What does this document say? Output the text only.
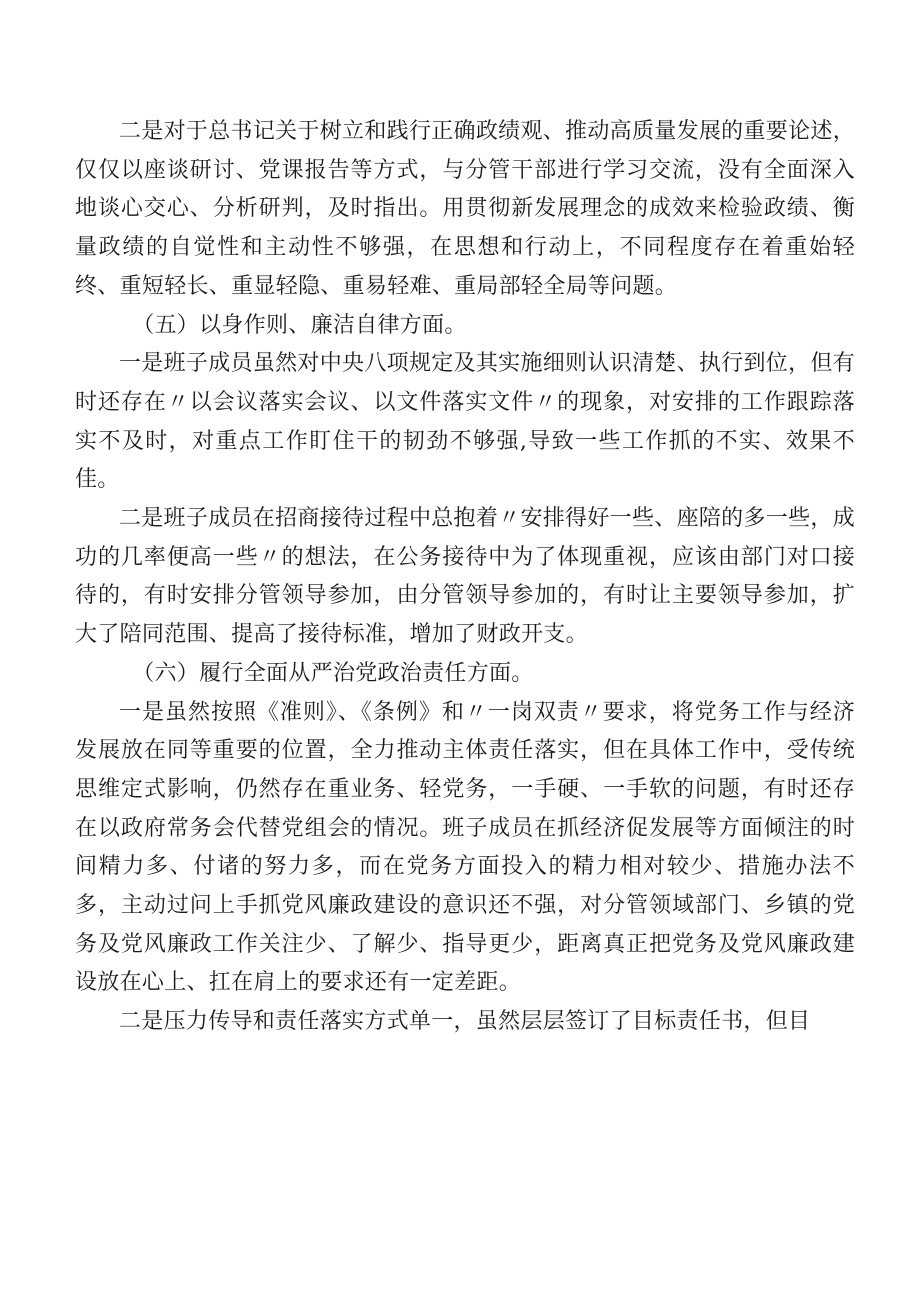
二是对于总书记关于树立和践行正确政绩观、推动高质量发展的重要论述，仅仅以座谈研讨、党课报告等方式，与分管干部进行学习交流，没有全面深入地谈心交心、分析研判，及时指出。用贯彻新发展理念的成效来检验政绩、衡量政绩的自觉性和主动性不够强，在思想和行动上，不同程度存在着重始轻终、重短轻长、重显轻隐、重易轻难、重局部轻全局等问题。

（五）以身作则、廉洁自律方面。

一是班子成员虽然对中央八项规定及其实施细则认识清楚、执行到位，但有时还存在〃以会议落实会议、以文件落实文件〃的现象，对安排的工作跟踪落实不及时，对重点工作盯住干的韧劲不够强,导致一些工作抓的不实、效果不佳。

二是班子成员在招商接待过程中总抱着〃安排得好一些、座陪的多一些，成功的几率便高一些〃的想法，在公务接待中为了体现重视，应该由部门对口接待的，有时安排分管领导参加，由分管领导参加的，有时让主要领导参加，扩大了陪同范围、提高了接待标准，增加了财政开支。

（六）履行全面从严治党政治责任方面。

一是虽然按照《准则》、《条例》和〃一岗双责〃要求，将党务工作与经济发展放在同等重要的位置，全力推动主体责任落实，但在具体工作中，受传统思维定式影响，仍然存在重业务、轻党务，一手硬、一手软的问题，有时还存在以政府常务会代替党组会的情况。班子成员在抓经济促发展等方面倾注的时间精力多、付诸的努力多，而在党务方面投入的精力相对较少、措施办法不多，主动过问上手抓党风廉政建设的意识还不强，对分管领域部门、乡镇的党务及党风廉政工作关注少、了解少、指导更少，距离真正把党务及党风廉政建设放在心上、扛在肩上的要求还有一定差距。

二是压力传导和责任落实方式单一，虽然层层签订了目标责任书，但目
